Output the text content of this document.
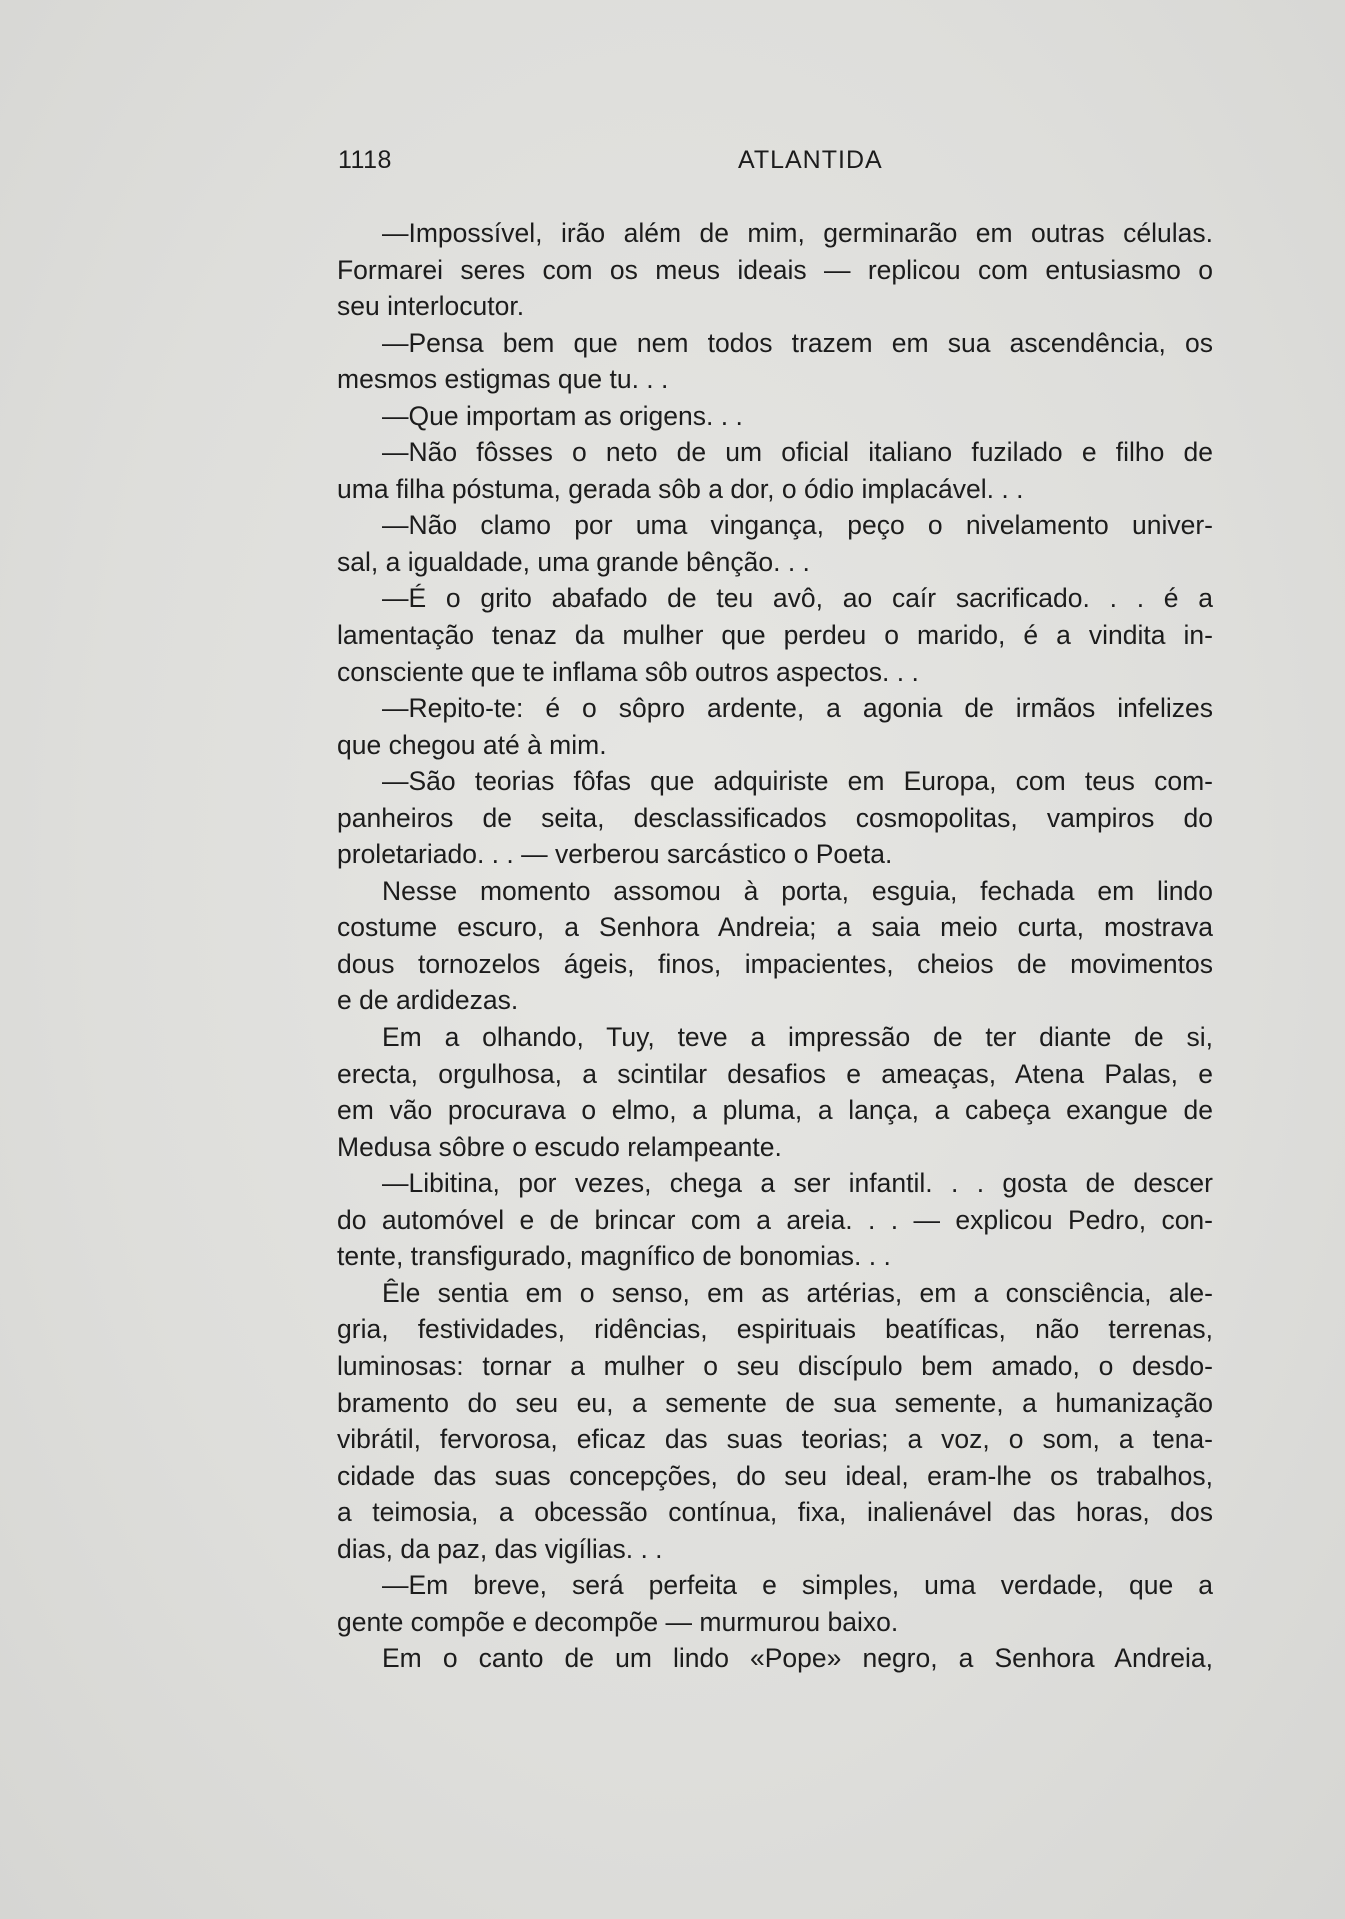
1118	ATLANTIDA
—Impossível, irão além de mim, germinarão em outras células.
Formarei seres com os meus ideais — replicou com entusiasmo o
seu interlocutor.
—Pensa bem que nem todos trazem em sua ascendência, os
mesmos estigmas que tu. . .
—Que importam as origens. . .
—Não fôsses o neto de um oficial italiano fuzilado e filho de
uma filha póstuma, gerada sôb a dor, o ódio implacável. . .
—Não clamo por uma vingança, peço o nivelamento univer-
sal, a igualdade, uma grande bênção. . .
—É o grito abafado de teu avô, ao caír sacrificado. . . é a
lamentação tenaz da mulher que perdeu o marido, é a vindita in-
consciente que te inflama sôb outros aspectos. . .
—Repito-te: é o sôpro ardente, a agonia de irmãos infelizes
que chegou até à mim.
—São teorias fôfas que adquiriste em Europa, com teus com-
panheiros de seita, desclassificados cosmopolitas, vampiros do
proletariado. . . — verberou sarcástico o Poeta.
Nesse momento assomou à porta, esguia, fechada em lindo
costume escuro, a Senhora Andreia; a saia meio curta, mostrava
dous tornozelos ágeis, finos, impacientes, cheios de movimentos
e de ardidezas.
Em a olhando, Tuy, teve a impressão de ter diante de si,
erecta, orgulhosa, a scintilar desafios e ameaças, Atena Palas, e
em vão procurava o elmo, a pluma, a lança, a cabeça exangue de
Medusa sôbre o escudo relampeante.
—Libitina, por vezes, chega a ser infantil. . . gosta de descer
do automóvel e de brincar com a areia. . . — explicou Pedro, con-
tente, transfigurado, magnífico de bonomias. . .
Êle sentia em o senso, em as artérias, em a consciência, ale-
gria, festividades, ridências, espirituais beatíficas, não terrenas,
luminosas: tornar a mulher o seu discípulo bem amado, o desdo-
bramento do seu eu, a semente de sua semente, a humanização
vibrátil, fervorosa, eficaz das suas teorias; a voz, o som, a tena-
cidade das suas concepções, do seu ideal, eram-lhe os trabalhos,
a teimosia, a obcessão contínua, fixa, inalienável das horas, dos
dias, da paz, das vigílias. . .
—Em breve, será perfeita e simples, uma verdade, que a
gente compõe e decompõe — murmurou baixo.
Em o canto de um lindo «Pope» negro, a Senhora Andreia,
